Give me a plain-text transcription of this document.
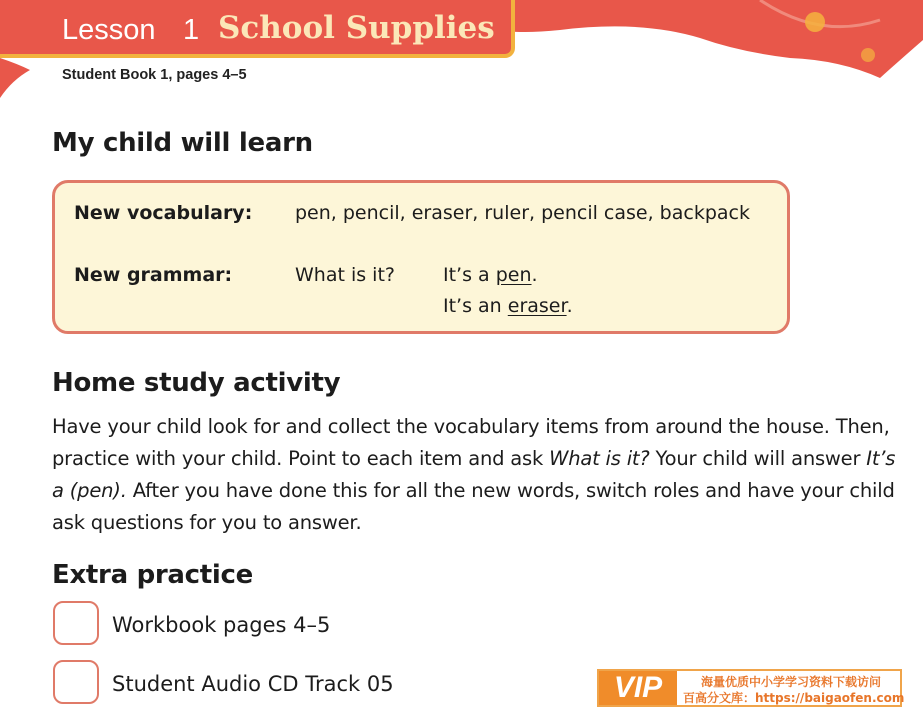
Lesson 1 School Supplies
Student Book 1, pages 4–5
My child will learn
New vocabulary: pen, pencil, eraser, ruler, pencil case, backpack
New grammar:	What is it?	It’s a pen.
It’s an eraser.
Home study activity

Have your child look for and collect the vocabulary items from around the house. Then, practice with your child. Point to each item and ask What is it? Your child will answer It’s a (pen). After you have done this for all the new words, switch roles and have your child ask questions for you to answer.

Extra practice
Workbook pages 4–5
Student Audio CD Track 05	VIP	海量优质中小学学习资料下载访问
百高分文库：https://baigaofen.com
